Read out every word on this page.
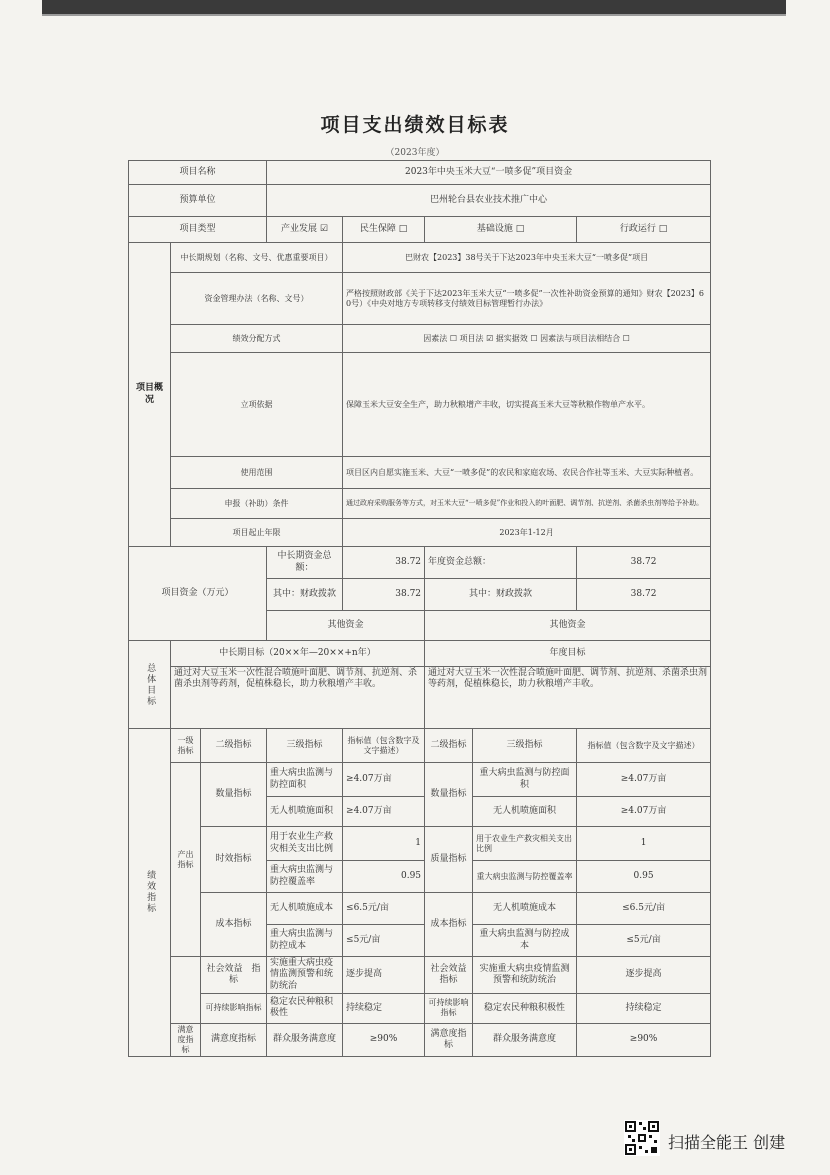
项目支出绩效目标表
（2023年度）
项目名称			2023年中央玉米大豆“一喷多促”项目资金				
预算单位			巴州轮台县农业技术推广中心				
项目类型			产业发展 ☑	民生保障 □	基础设施 □		行政运行 □
项目概况	中长期规划（名称、文号、优惠重要项目）			巴财农【2023】38号关于下达2023年中央玉米大豆“一喷多促”项目			
	资金管理办法（名称、文号）			严格按照财政部《关于下达2023年玉米大豆“一喷多促”一次性补助资金预算的通知》财农【2023】60号）《中央对地方专项转移支付绩效目标管理暂行办法》			
	绩效分配方式			因素法 ☐ 项目法 ☑ 据实据效 ☐ 因素法与项目法相结合 ☐			
	立项依据			保障玉米大豆安全生产，助力秋粮增产丰收，切实提高玉米大豆等秋粮作物单产水平。			
	使用范围			项目区内自愿实施玉米、大豆“一喷多促”的农民和家庭农场、农民合作社等玉米、大豆实际种植者。			
	申报（补助）条件			通过政府采购服务等方式，对玉米大豆“一喷多促”作业和投入的叶面肥、调节剂、抗逆剂、杀菌杀虫剂等给予补助。			
	项目起止年限			2023年1-12月			
项目资金（万元）			中长期资金总额：	38.72	年度资金总额：		38.72
			其中：财政拨款	38.72	其中：财政拨款		38.72
			其他资金		其他资金		
总体目标	中长期目标（20××年—20××+n年）				年度目标		
	通过对大豆玉米一次性混合喷施叶面肥、调节剂、抗逆剂、杀菌杀虫剂等药剂，促植株稳长，助力秋粮增产丰收。				通过对大豆玉米一次性混合喷施叶面肥、调节剂、抗逆剂、杀菌杀虫剂等药剂，促植株稳长，助力秋粮增产丰收。		
绩效指标	一级指标	二级指标	三级指标	指标值（包含数字及文字描述）	二级指标	三级指标	指标值（包含数字及文字描述）
	产出指标	数量指标	重大病虫监测与防控面积	≥4.07万亩	数量指标	重大病虫监测与防控面积	≥4.07万亩
			无人机喷施面积	≥4.07万亩		无人机喷施面积	≥4.07万亩
		时效指标	用于农业生产救灾相关支出比例	1	质量指标	用于农业生产救灾相关支出比例	1
			重大病虫监测与防控覆盖率	0.95		重大病虫监测与防控覆盖率	0.95
		成本指标	无人机喷施成本	≤6.5元/亩	成本指标	无人机喷施成本	≤6.5元/亩
			重大病虫监测与防控成本	≤5元/亩		重大病虫监测与防控成本	≤5元/亩
		社会效益　指标	实施重大病虫疫情监测预警和统防统治	逐步提高	社会效益指标	实施重大病虫疫情监测预警和统防统治	逐步提高
		可持续影响指标	稳定农民种粮积极性	持续稳定	可持续影响指标	稳定农民种粮积极性	持续稳定
	满意度指标	满意度指标	群众服务满意度	≥90%	满意度指标	群众服务满意度	≥90%
扫描全能王 创建
